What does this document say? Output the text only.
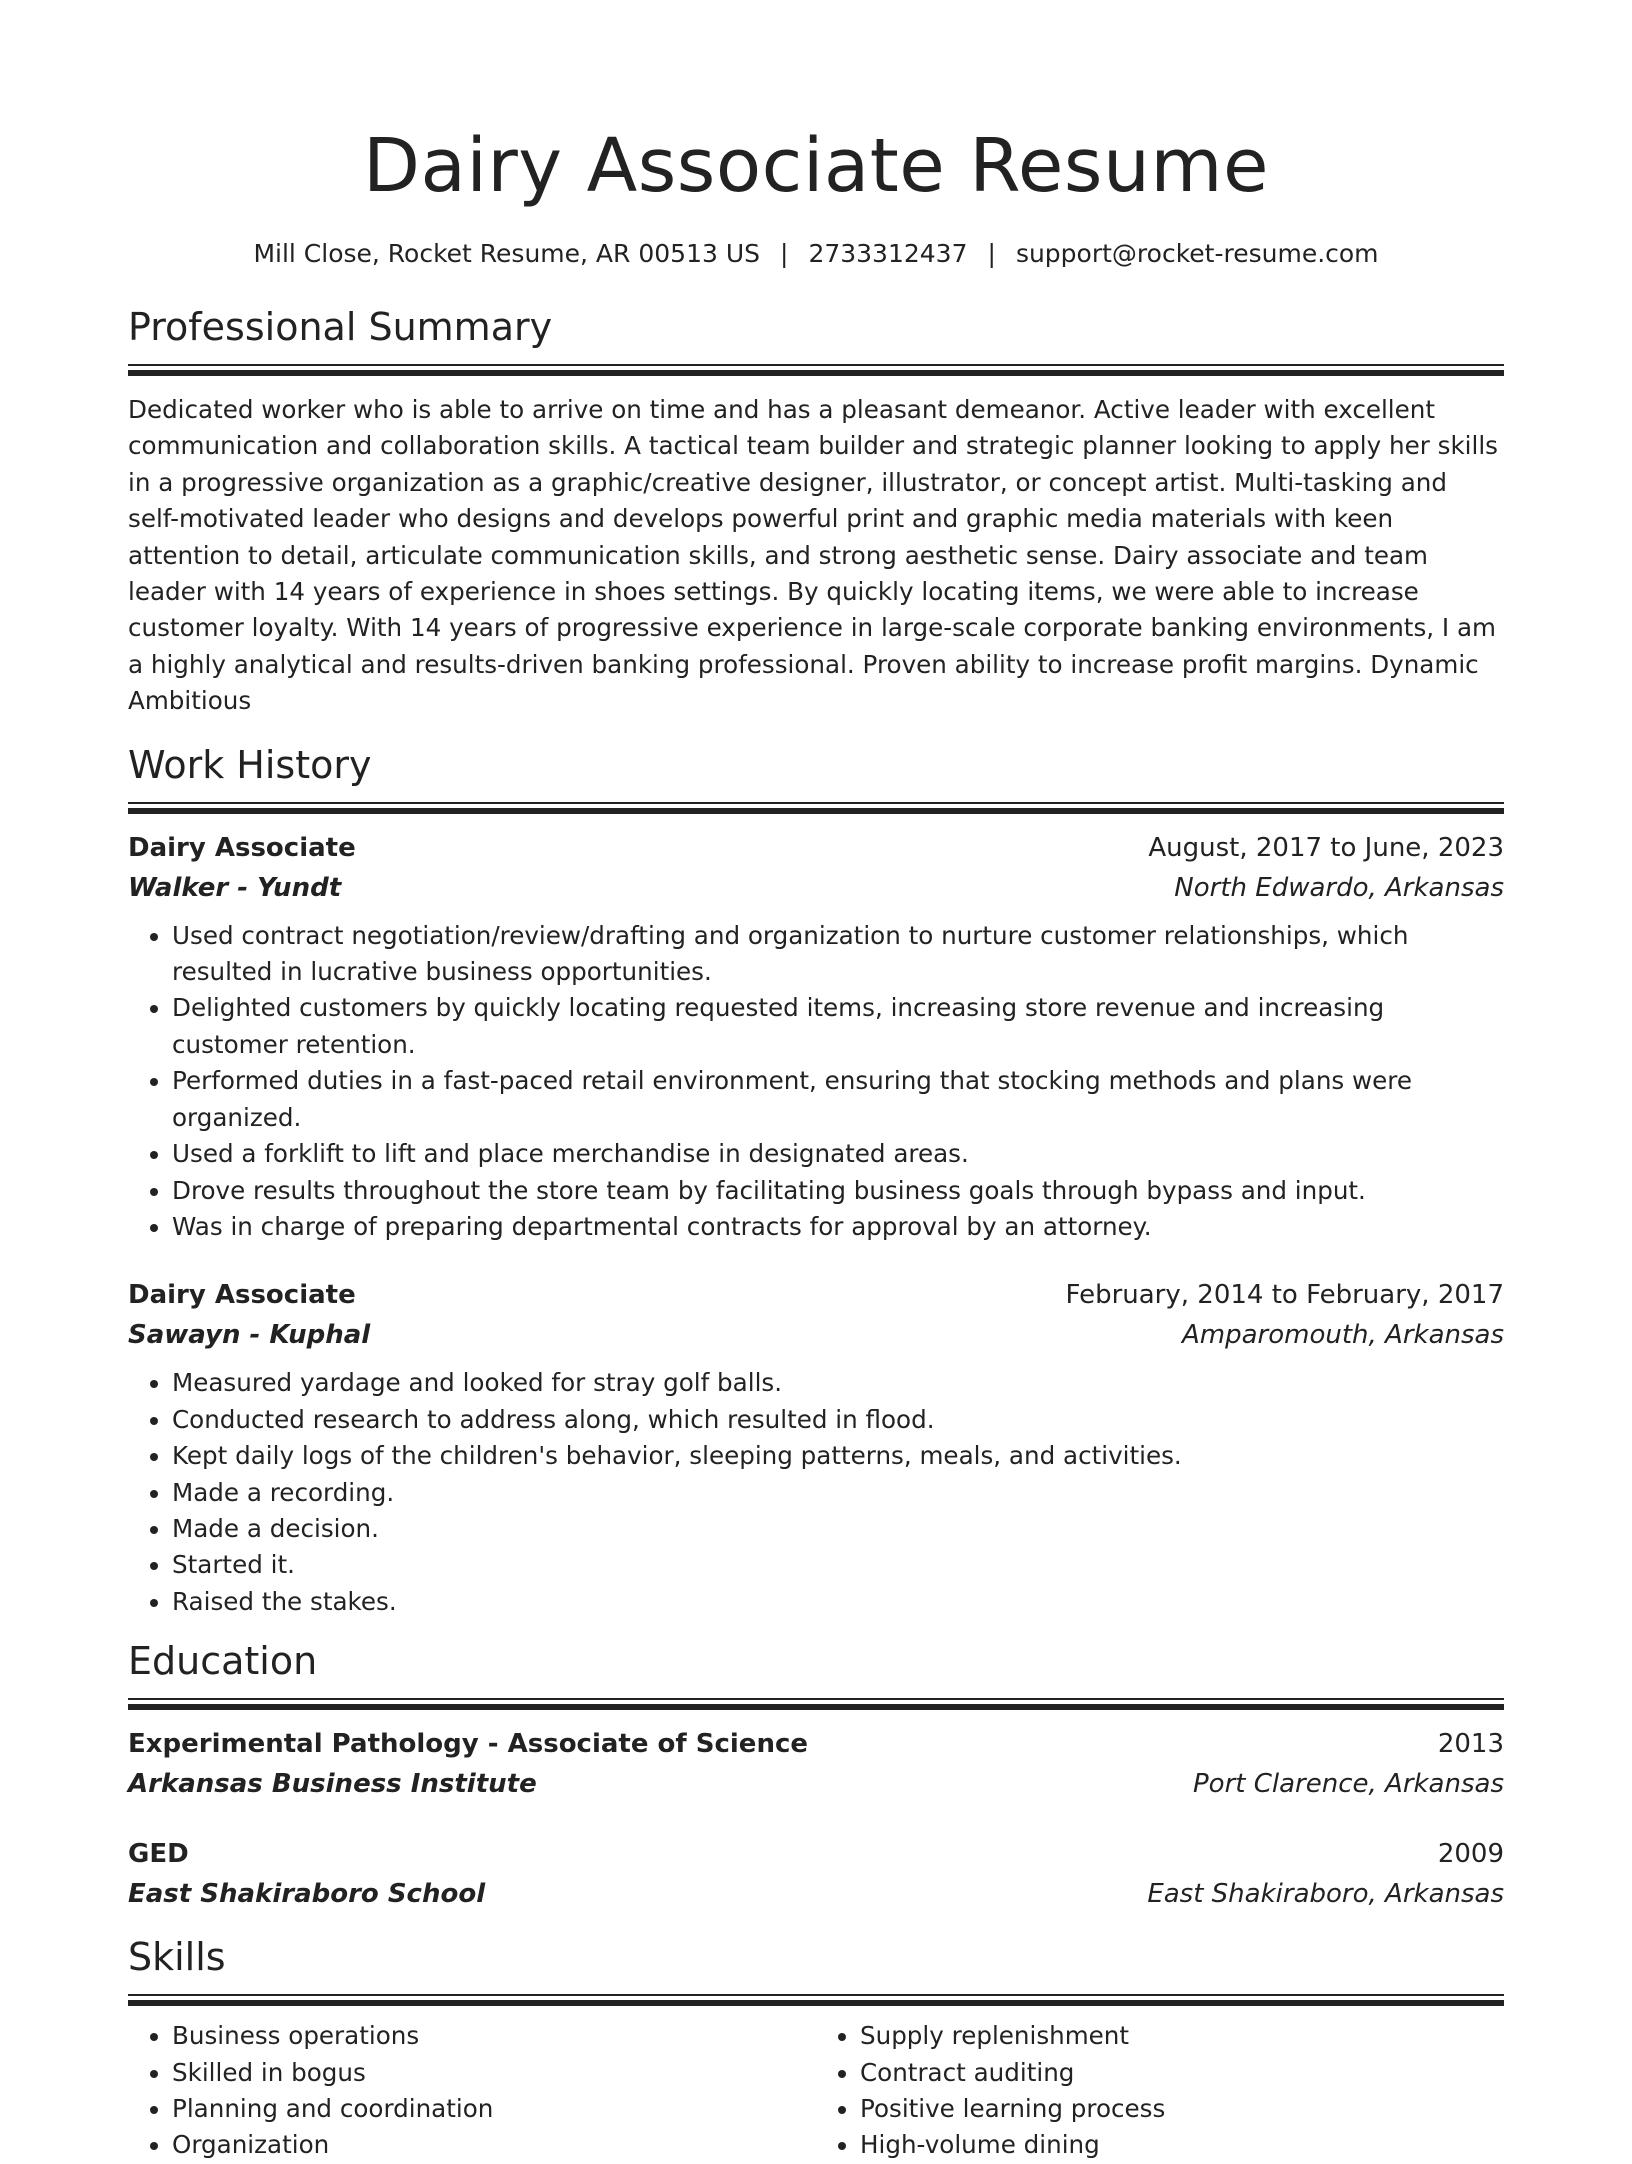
Dairy Associate Resume
Mill Close, Rocket Resume, AR 00513 US | 2733312437 | support@rocket-resume.com
Professional Summary

Dedicated worker who is able to arrive on time and has a pleasant demeanor. Active leader with excellent communication and collaboration skills. A tactical team builder and strategic planner looking to apply her skills in a progressive organization as a graphic/creative designer, illustrator, or concept artist. Multi-tasking and self-motivated leader who designs and develops powerful print and graphic media materials with keen attention to detail, articulate communication skills, and strong aesthetic sense. Dairy associate and team leader with 14 years of experience in shoes settings. By quickly locating items, we were able to increase customer loyalty. With 14 years of progressive experience in large-scale corporate banking environments, I am a highly analytical and results-driven banking professional. Proven ability to increase profit margins. Dynamic Ambitious

Work History
Dairy Associate	August, 2017 to June, 2023
Walker - Yundt	North Edwardo, Arkansas
• Used contract negotiation/review/drafting and organization to nurture customer relationships, which resulted in lucrative business opportunities.
• Delighted customers by quickly locating requested items, increasing store revenue and increasing customer retention.
• Performed duties in a fast-paced retail environment, ensuring that stocking methods and plans were organized.
• Used a forklift to lift and place merchandise in designated areas.
• Drove results throughout the store team by facilitating business goals through bypass and input.
• Was in charge of preparing departmental contracts for approval by an attorney.
Dairy Associate	February, 2014 to February, 2017
Sawayn - Kuphal	Amparomouth, Arkansas
• Measured yardage and looked for stray golf balls.
• Conducted research to address along, which resulted in flood.
• Kept daily logs of the children's behavior, sleeping patterns, meals, and activities.
• Made a recording.
• Made a decision.
• Started it.
• Raised the stakes.
Education
Experimental Pathology - Associate of Science	2013
Arkansas Business Institute	Port Clarence, Arkansas
GED	2009
East Shakiraboro School	East Shakiraboro, Arkansas
Skills
• Business operations
• Skilled in bogus
• Planning and coordination
• Organization
• Supply replenishment
• Contract auditing
• Positive learning process
• High-volume dining
